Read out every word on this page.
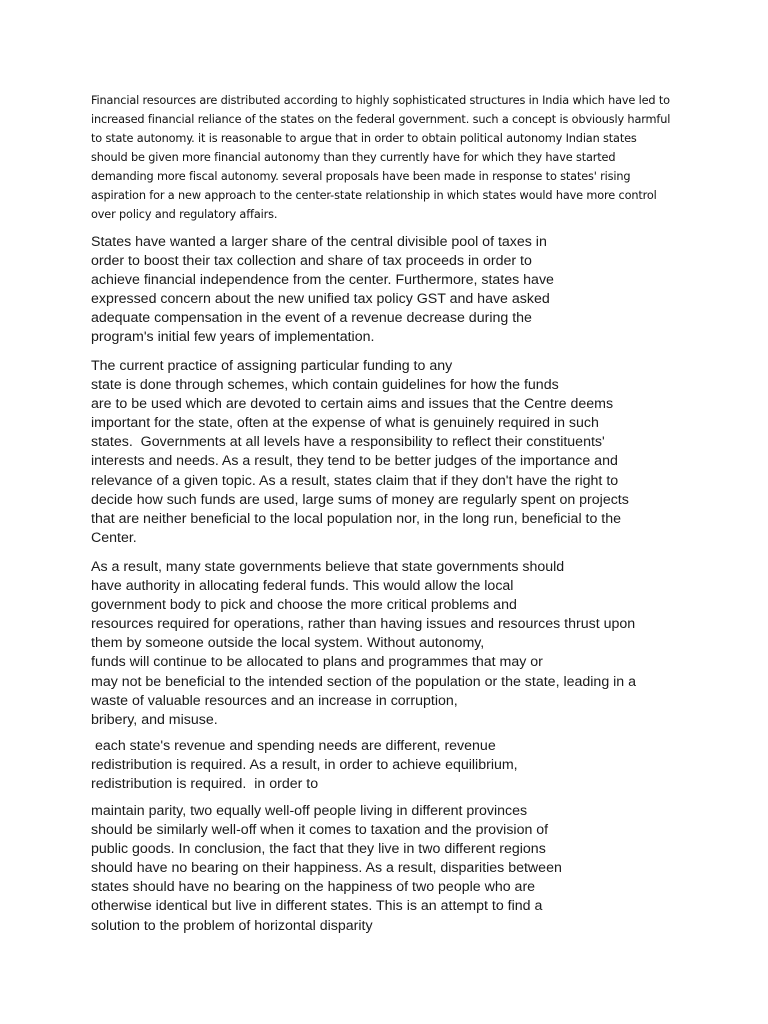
Financial resources are distributed according to highly sophisticated structures in India which have led to
increased financial reliance of the states on the federal government. such a concept is obviously harmful
to state autonomy. it is reasonable to argue that in order to obtain political autonomy Indian states
should be given more financial autonomy than they currently have for which they have started
demanding more fiscal autonomy. several proposals have been made in response to states' rising
aspiration for a new approach to the center-state relationship in which states would have more control
over policy and regulatory affairs.

States have wanted a larger share of the central divisible pool of taxes in
order to boost their tax collection and share of tax proceeds in order to
achieve financial independence from the center. Furthermore, states have
expressed concern about the new unified tax policy GST and have asked
adequate compensation in the event of a revenue decrease during the
program's initial few years of implementation.

The current practice of assigning particular funding to any
state is done through schemes, which contain guidelines for how the funds
are to be used which are devoted to certain aims and issues that the Centre deems
important for the state, often at the expense of what is genuinely required in such
states.  Governments at all levels have a responsibility to reflect their constituents'
interests and needs. As a result, they tend to be better judges of the importance and
relevance of a given topic. As a result, states claim that if they don't have the right to
decide how such funds are used, large sums of money are regularly spent on projects
that are neither beneficial to the local population nor, in the long run, beneficial to the
Center.

As a result, many state governments believe that state governments should
have authority in allocating federal funds. This would allow the local
government body to pick and choose the more critical problems and
resources required for operations, rather than having issues and resources thrust upon
them by someone outside the local system. Without autonomy,
funds will continue to be allocated to plans and programmes that may or
may not be beneficial to the intended section of the population or the state, leading in a
waste of valuable resources and an increase in corruption,
bribery, and misuse.

each state's revenue and spending needs are different, revenue
redistribution is required. As a result, in order to achieve equilibrium,
redistribution is required.  in order to

maintain parity, two equally well-off people living in different provinces
should be similarly well-off when it comes to taxation and the provision of
public goods. In conclusion, the fact that they live in two different regions
should have no bearing on their happiness. As a result, disparities between
states should have no bearing on the happiness of two people who are
otherwise identical but live in different states. This is an attempt to find a
solution to the problem of horizontal disparity
